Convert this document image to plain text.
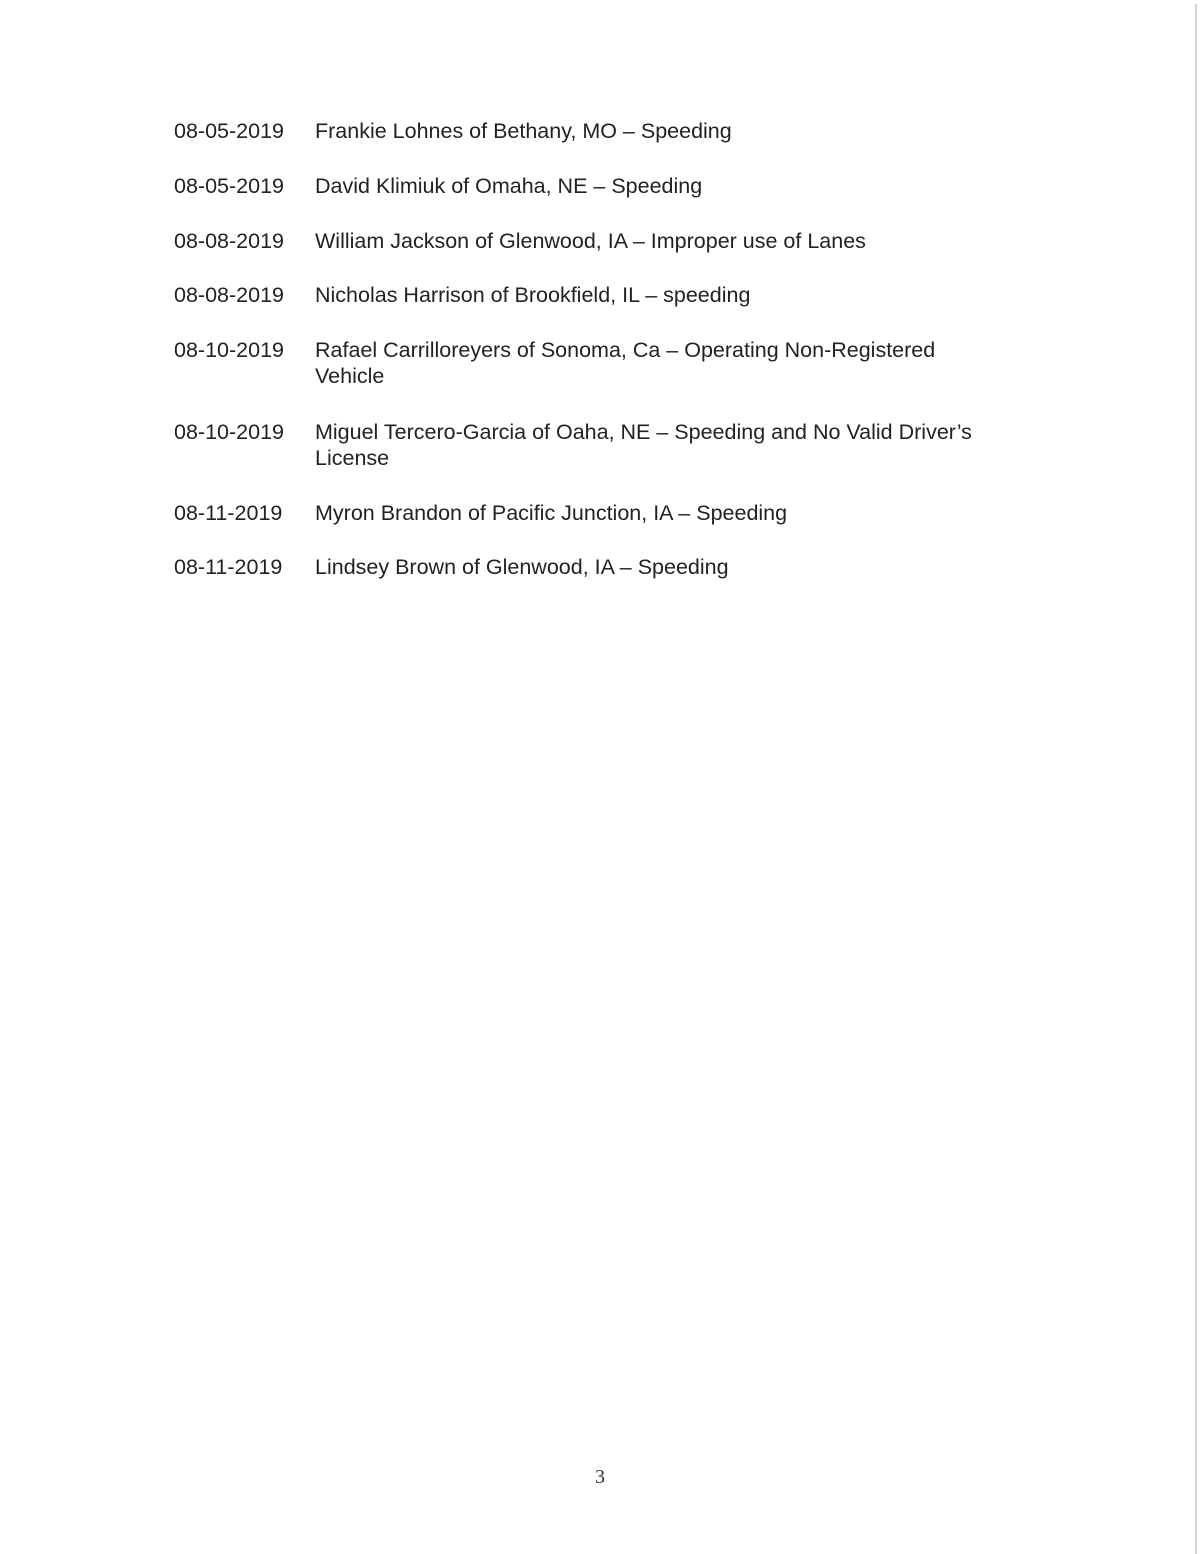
08-05-2019	Frankie Lohnes of Bethany, MO – Speeding
08-05-2019	David Klimiuk of Omaha, NE – Speeding
08-08-2019	William Jackson of Glenwood, IA – Improper use of Lanes
08-08-2019	Nicholas Harrison of Brookfield, IL – speeding
08-10-2019	Rafael Carrilloreyers of Sonoma, Ca – Operating Non-Registered Vehicle
08-10-2019	Miguel Tercero-Garcia of Oaha, NE – Speeding and No Valid Driver’s License
08-11-2019	Myron Brandon of Pacific Junction, IA – Speeding
08-11-2019	Lindsey Brown of Glenwood, IA – Speeding
3
